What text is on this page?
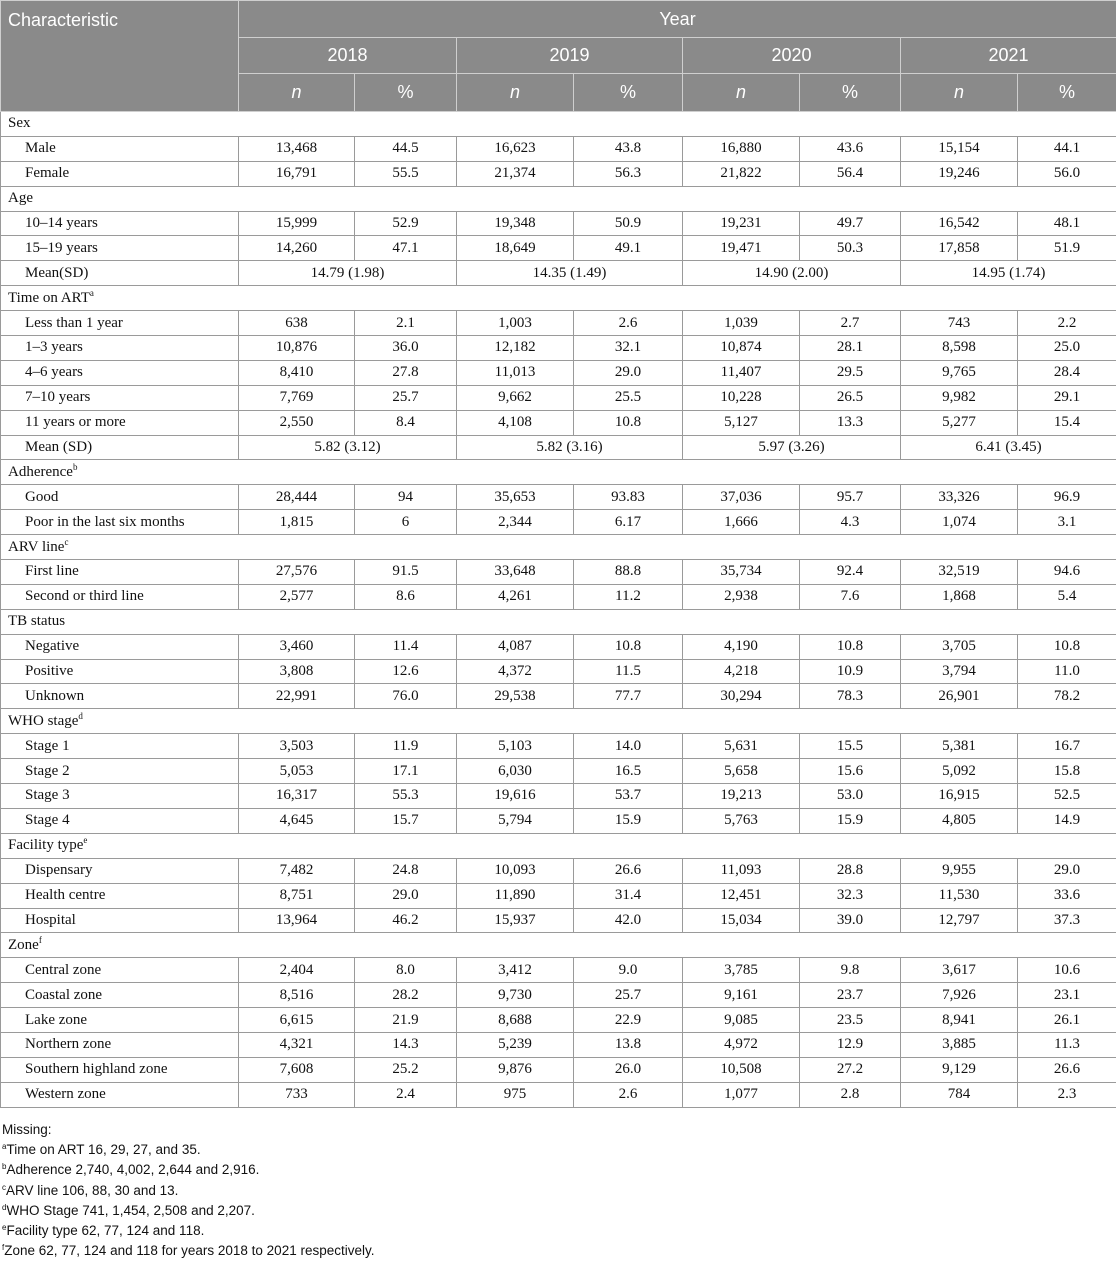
Characteristic	Year							
	2018		2019		2020		2021	
	n	%	n	%	n	%	n	%
Sex								
Male	13,468	44.5	16,623	43.8	16,880	43.6	15,154	44.1
Female	16,791	55.5	21,374	56.3	21,822	56.4	19,246	56.0
Age								
10–14 years	15,999	52.9	19,348	50.9	19,231	49.7	16,542	48.1
15–19 years	14,260	47.1	18,649	49.1	19,471	50.3	17,858	51.9
Mean(SD)	14.79 (1.98)		14.35 (1.49)		14.90 (2.00)		14.95 (1.74)	
Time on ART$^a$
Less than 1 year	638	2.1	1,003	2.6	1,039	2.7	743	2.2
1–3 years	10,876	36.0	12,182	32.1	10,874	28.1	8,598	25.0
4–6 years	8,410	27.8	11,013	29.0	11,407	29.5	9,765	28.4
7–10 years	7,769	25.7	9,662	25.5	10,228	26.5	9,982	29.1
11 years or more	2,550	8.4	4,108	10.8	5,127	13.3	5,277	15.4
Mean (SD)	5.82 (3.12)		5.82 (3.16)		5.97 (3.26)		6.41 (3.45)	
Adherence$^b$
Good	28,444	94	35,653	93.83	37,036	95.7	33,326	96.9
Poor in the last six months	1,815	6	2,344	6.17	1,666	4.3	1,074	3.1
ARV line$^c$
First line	27,576	91.5	33,648	88.8	35,734	92.4	32,519	94.6
Second or third line	2,577	8.6	4,261	11.2	2,938	7.6	1,868	5.4
TB status								
Negative	3,460	11.4	4,087	10.8	4,190	10.8	3,705	10.8
Positive	3,808	12.6	4,372	11.5	4,218	10.9	3,794	11.0
Unknown	22,991	76.0	29,538	77.7	30,294	78.3	26,901	78.2
WHO stage$^d$
Stage 1	3,503	11.9	5,103	14.0	5,631	15.5	5,381	16.7
Stage 2	5,053	17.1	6,030	16.5	5,658	15.6	5,092	15.8
Stage 3	16,317	55.3	19,616	53.7	19,213	53.0	16,915	52.5
Stage 4	4,645	15.7	5,794	15.9	5,763	15.9	4,805	14.9
Facility type$^e$
Dispensary	7,482	24.8	10,093	26.6	11,093	28.8	9,955	29.0
Health centre	8,751	29.0	11,890	31.4	12,451	32.3	11,530	33.6
Hospital	13,964	46.2	15,937	42.0	15,034	39.0	12,797	37.3
Zone$^f$
Central zone	2,404	8.0	3,412	9.0	3,785	9.8	3,617	10.6
Coastal zone	8,516	28.2	9,730	25.7	9,161	23.7	7,926	23.1
Lake zone	6,615	21.9	8,688	22.9	9,085	23.5	8,941	26.1
Northern zone	4,321	14.3	5,239	13.8	4,972	12.9	3,885	11.3
Southern highland zone	7,608	25.2	9,876	26.0	10,508	27.2	9,129	26.6
Western zone	733	2.4	975	2.6	1,077	2.8	784	2.3
Missing:
$^a$Time on ART 16, 29, 27, and 35.
$^b$Adherence 2,740, 4,002, 2,644 and 2,916.
$^c$ARV line 106, 88, 30 and 13.
$^d$WHO Stage 741, 1,454, 2,508 and 2,207.
$^e$Facility type 62, 77, 124 and 118.
$^f$Zone 62, 77, 124 and 118 for years 2018 to 2021 respectively.
